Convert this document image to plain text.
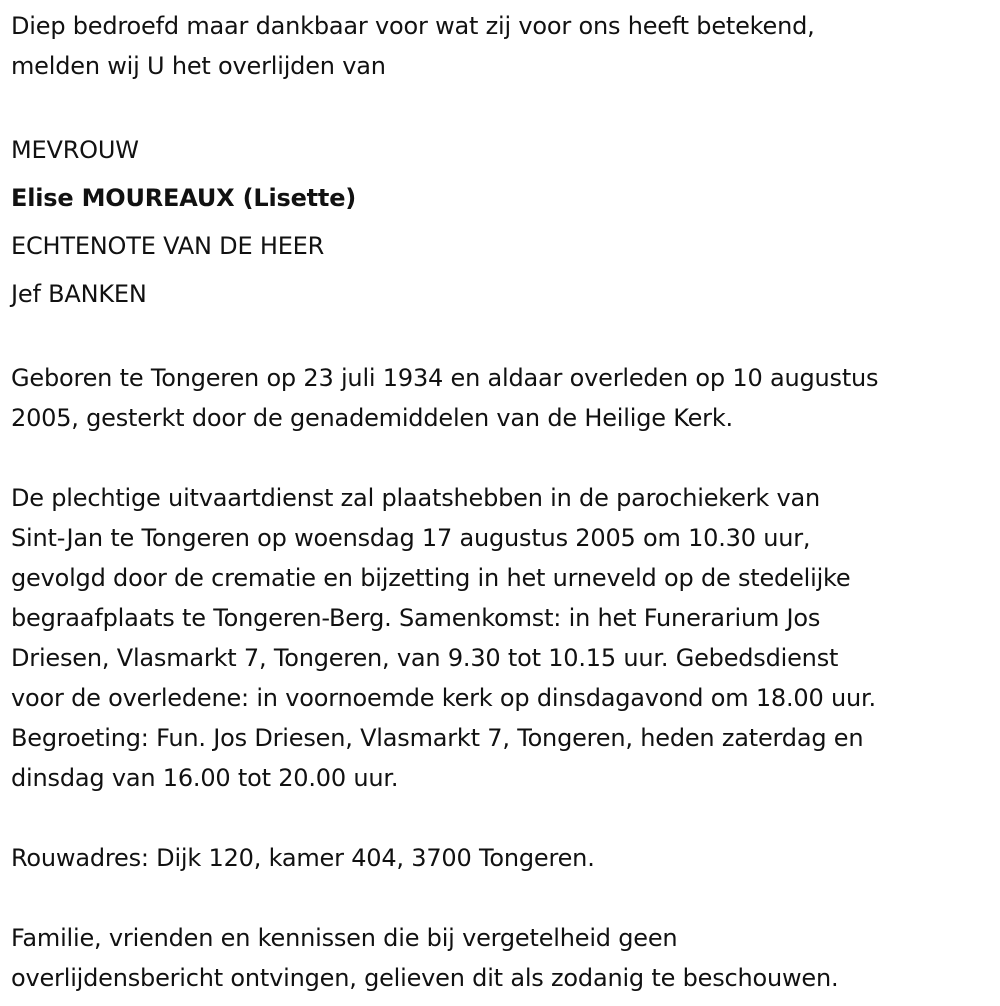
Diep bedroefd maar dankbaar voor wat zij voor ons heeft betekend,

melden wij U het overlijden van

MEVROUW

Elise MOUREAUX (Lisette)

ECHTENOTE VAN DE HEER

Jef BANKEN

Geboren te Tongeren op 23 juli 1934 en aldaar overleden op 10 augustus

2005, gesterkt door de genademiddelen van de Heilige Kerk.

De plechtige uitvaartdienst zal plaatshebben in de parochiekerk van

Sint-Jan te Tongeren op woensdag 17 augustus 2005 om 10.30 uur,

gevolgd door de crematie en bijzetting in het urneveld op de stedelijke

begraafplaats te Tongeren-Berg. Samenkomst: in het Funerarium Jos

Driesen, Vlasmarkt 7, Tongeren, van 9.30 tot 10.15 uur. Gebedsdienst

voor de overledene: in voornoemde kerk op dinsdagavond om 18.00 uur.

Begroeting: Fun. Jos Driesen, Vlasmarkt 7, Tongeren, heden zaterdag en

dinsdag van 16.00 tot 20.00 uur.

Rouwadres: Dijk 120, kamer 404, 3700 Tongeren.

Familie, vrienden en kennissen die bij vergetelheid geen

overlijdensbericht ontvingen, gelieven dit als zodanig te beschouwen.
